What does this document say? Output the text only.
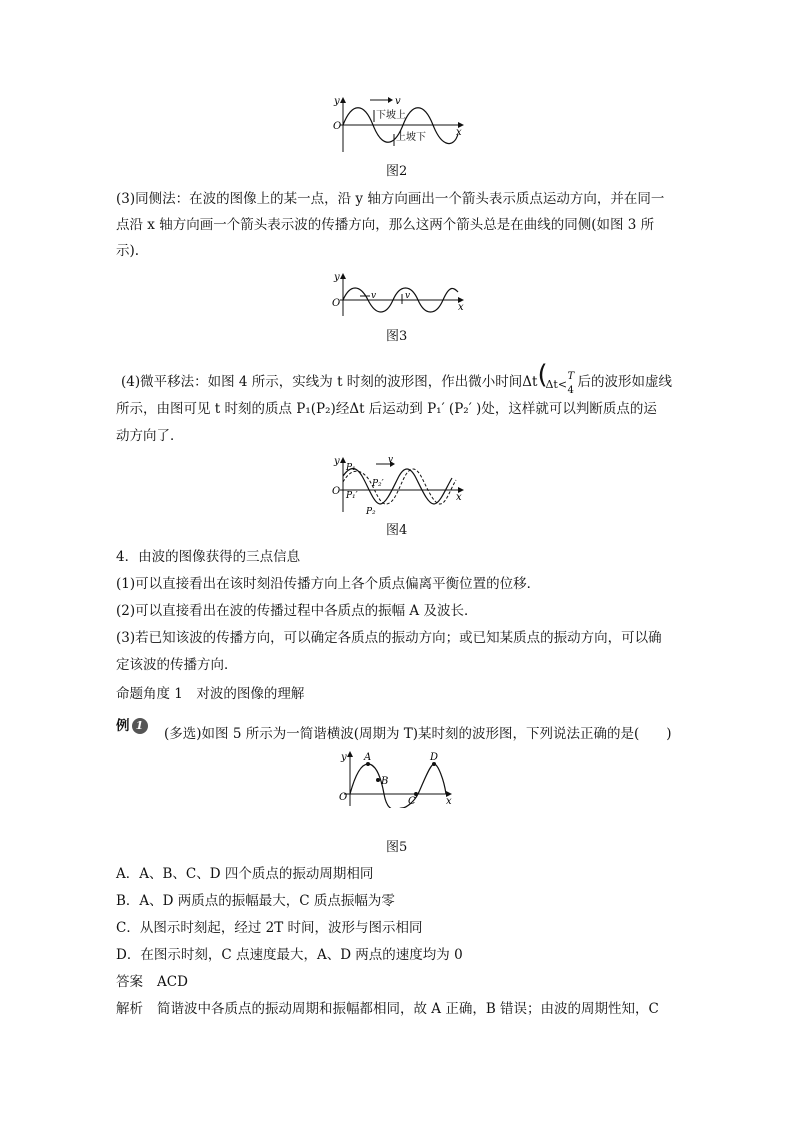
v
y
O
x
下坡上
上坡下
图2
(3)同侧法：在波的图像上的某一点，沿 y 轴方向画出一个箭头表示质点运动方向，并在同一
点沿 x 轴方向画一个箭头表示波的传播方向，那么这两个箭头总是在曲线的同侧(如图 3 所
示).
y
O	x
v	v
图3
(4)微平移法：如图 4 所示，实线为 t 时刻的波形图，作出微小时间Δt (
Δt<
T
4 后的波形如虚线
所示，由图可见 t 时刻的质点 P₁(P₂)经Δt 后运动到 P₁′ (P₂′ )处，这样就可以判断质点的运
动方向了．
v
y
O
x
P₁
P₁′
P₂′
P₂
图4
4．由波的图像获得的三点信息
(1)可以直接看出在该时刻沿传播方向上各个质点偏离平衡位置的位移．
(2)可以直接看出在波的传播过程中各质点的振幅 A 及波长．
(3)若已知该波的传播方向，可以确定各质点的振动方向；或已知某质点的振动方向，可以确
定该波的传播方向．
命题角度 1　对波的图像的理解
例 1
(多选)如图 5 所示为一简谐横波(周期为 T)某时刻的波形图，下列说法正确的是(　　)
y
O	x
A
B
C
D
图5
A．A、B、C、D 四个质点的振动周期相同
B．A、D 两质点的振幅最大，C 质点振幅为零
C．从图示时刻起，经过 2T 时间，波形与图示相同
D．在图示时刻，C 点速度最大，A、D 两点的速度均为 0
答案 ACD
解析 简谐波中各质点的振动周期和振幅都相同，故 A 正确，B 错误；由波的周期性知，C
